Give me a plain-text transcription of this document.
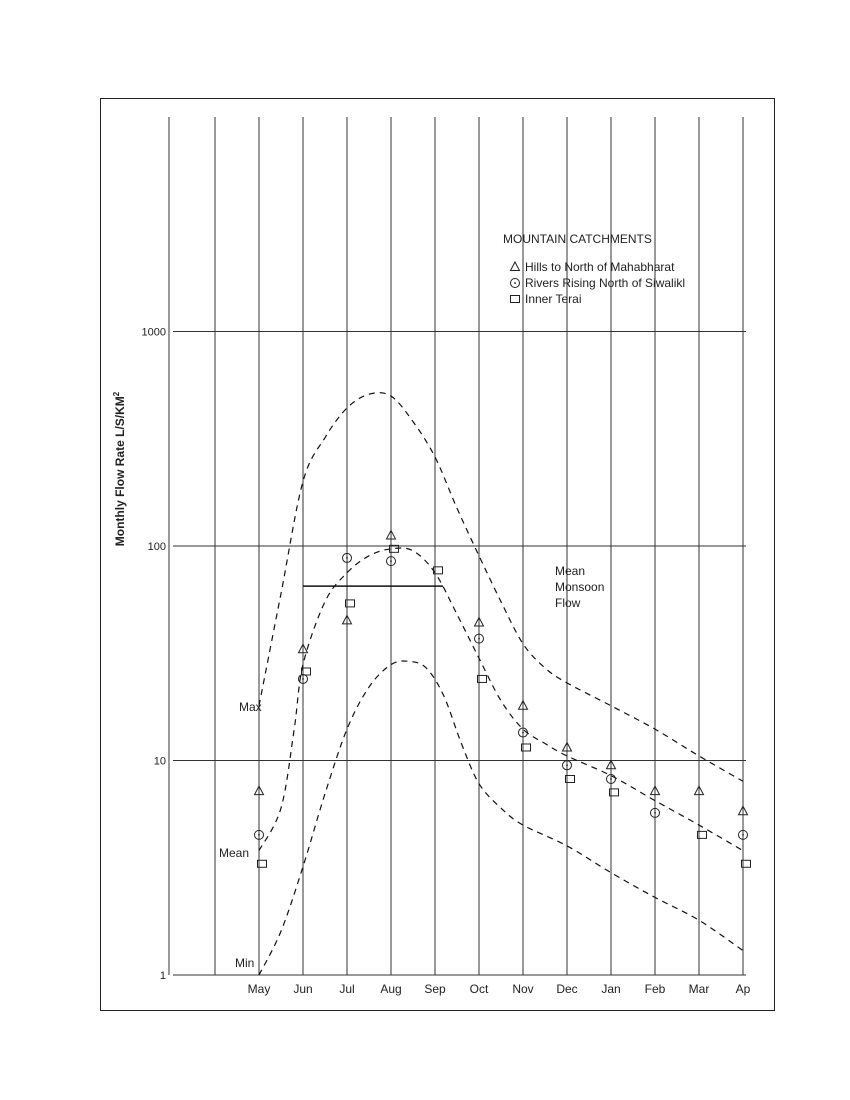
Monthly Flow Rate $L/S/KM^2$
1
10
100
1000
May Jun Jul Aug Sep Oct Nov Dec Jan Feb Mar Ap
Max
Mean
Min
Mean
Monsoon
Flow
MOUNTAIN CATCHMENTS
Hills to North of Mahabharat
Rivers Rising North of Siwalikl
Inner Terai
